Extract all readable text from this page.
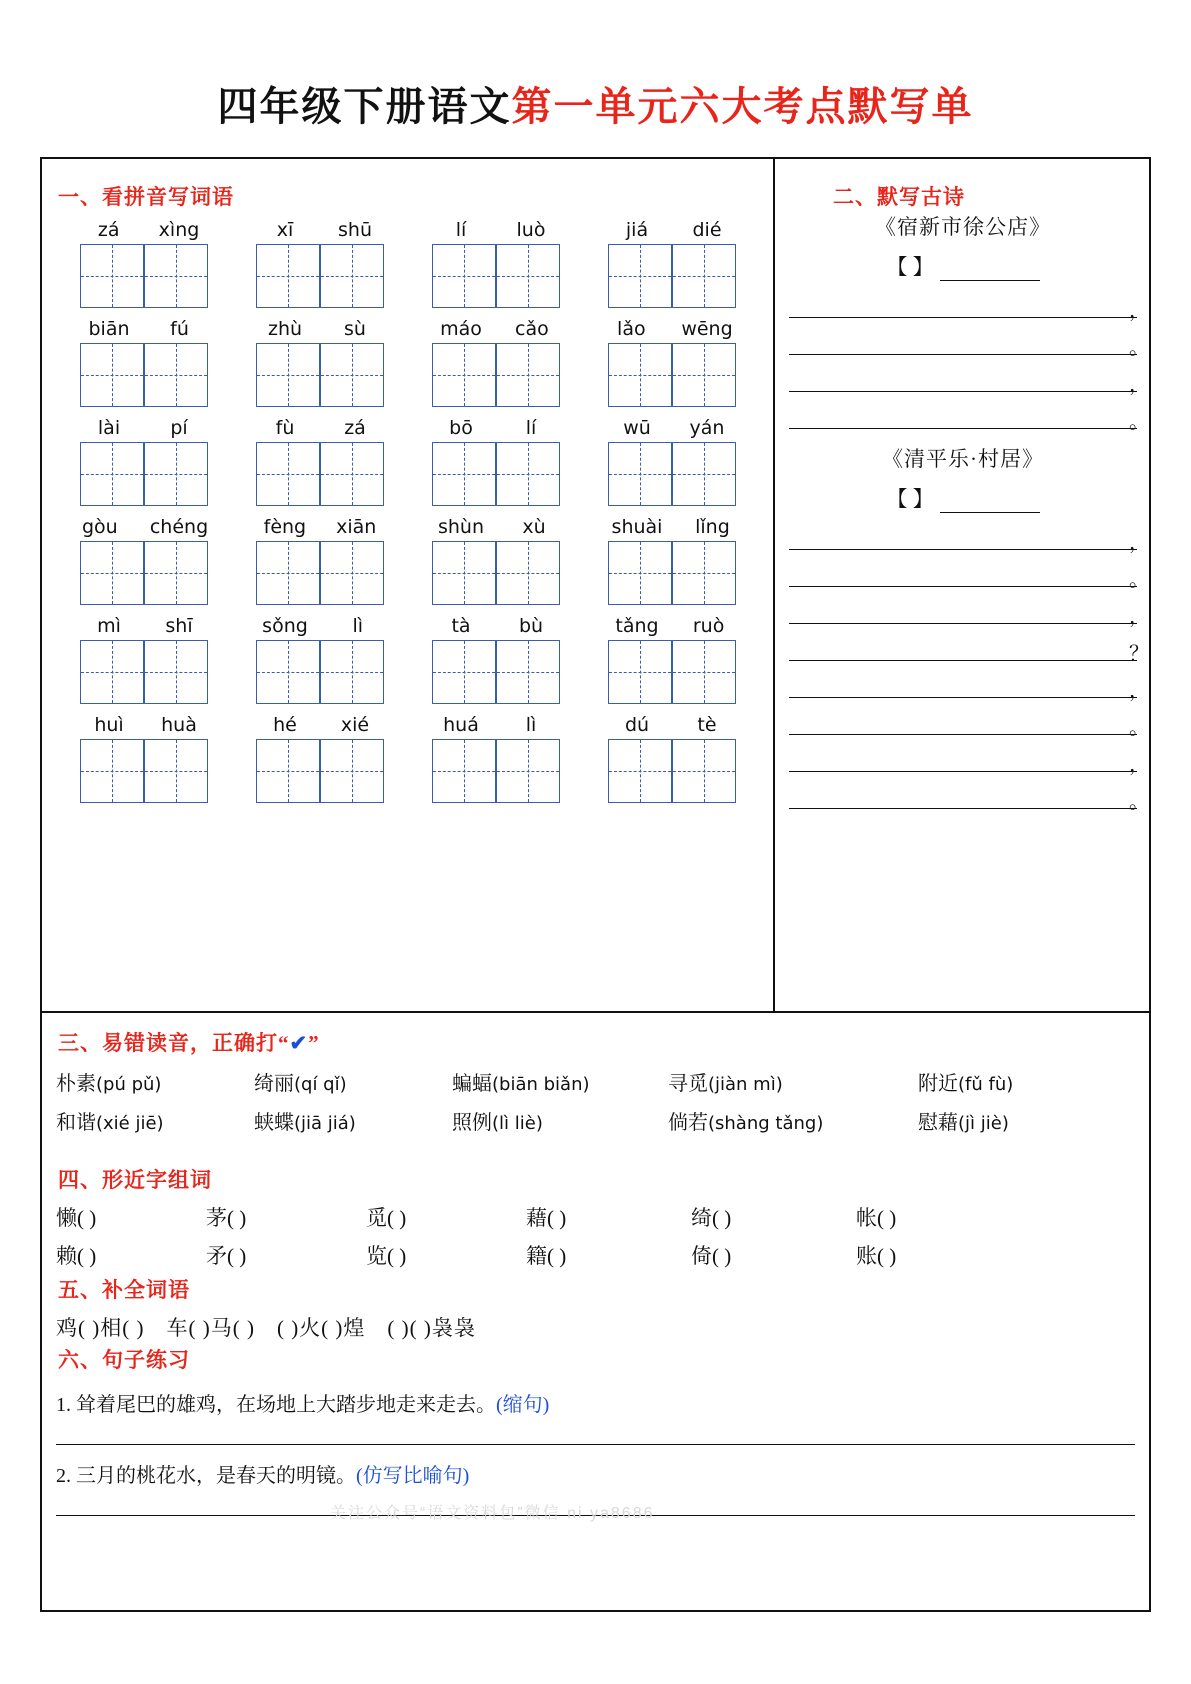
四年级下册语文第一单元六大考点默写单
一、看拼音写词语
zá	xìng	xī	shū	lí	luò	jiá	dié
biān	fú	zhù	sù	máo cǎo	lǎo	wēng
lài	pí	fù	zá	bō	lí	wū	yán
gòu chéng	fèng xiān	shùn	xù	shuài lǐng
mì	shī	sǒng	lì	tà	bù	tǎng ruò
huì huà	hé	xié	huá	lì	dú	tè
二、默写古诗
《宿新市徐公店》
【 】
，
。
，
。
《清平乐·村居》
【 】
，
。
，
？
，
。
，
。
三、易错读音，正确打“✔”
朴素(pú pǔ)	绮丽(qí qǐ)	蝙蝠(biān biǎn)	寻觅(jiàn mì)	附近(fǔ fù)
和谐(xié jiē)	蛱蝶(jiā jiá)	照例(lì liè)	倘若(shàng tǎng)	慰藉(jì jiè)
四、形近字组词
懒( )	茅( )	觅( )	藉( )	绮( )	帐( )
赖( )	矛( )	览( )	籍( )	倚( )	账( )
五、补全词语
鸡( )相( )　车( )马( )　( )火( )煌　( )( )袅袅
六、句子练习
1. 耸着尾巴的雄鸡，在场地上大踏步地走来走去。(缩句)
2. 三月的桃花水，是春天的明镜。(仿写比喻句)
关注公众号“语文资料包”微信 ni ya8686
